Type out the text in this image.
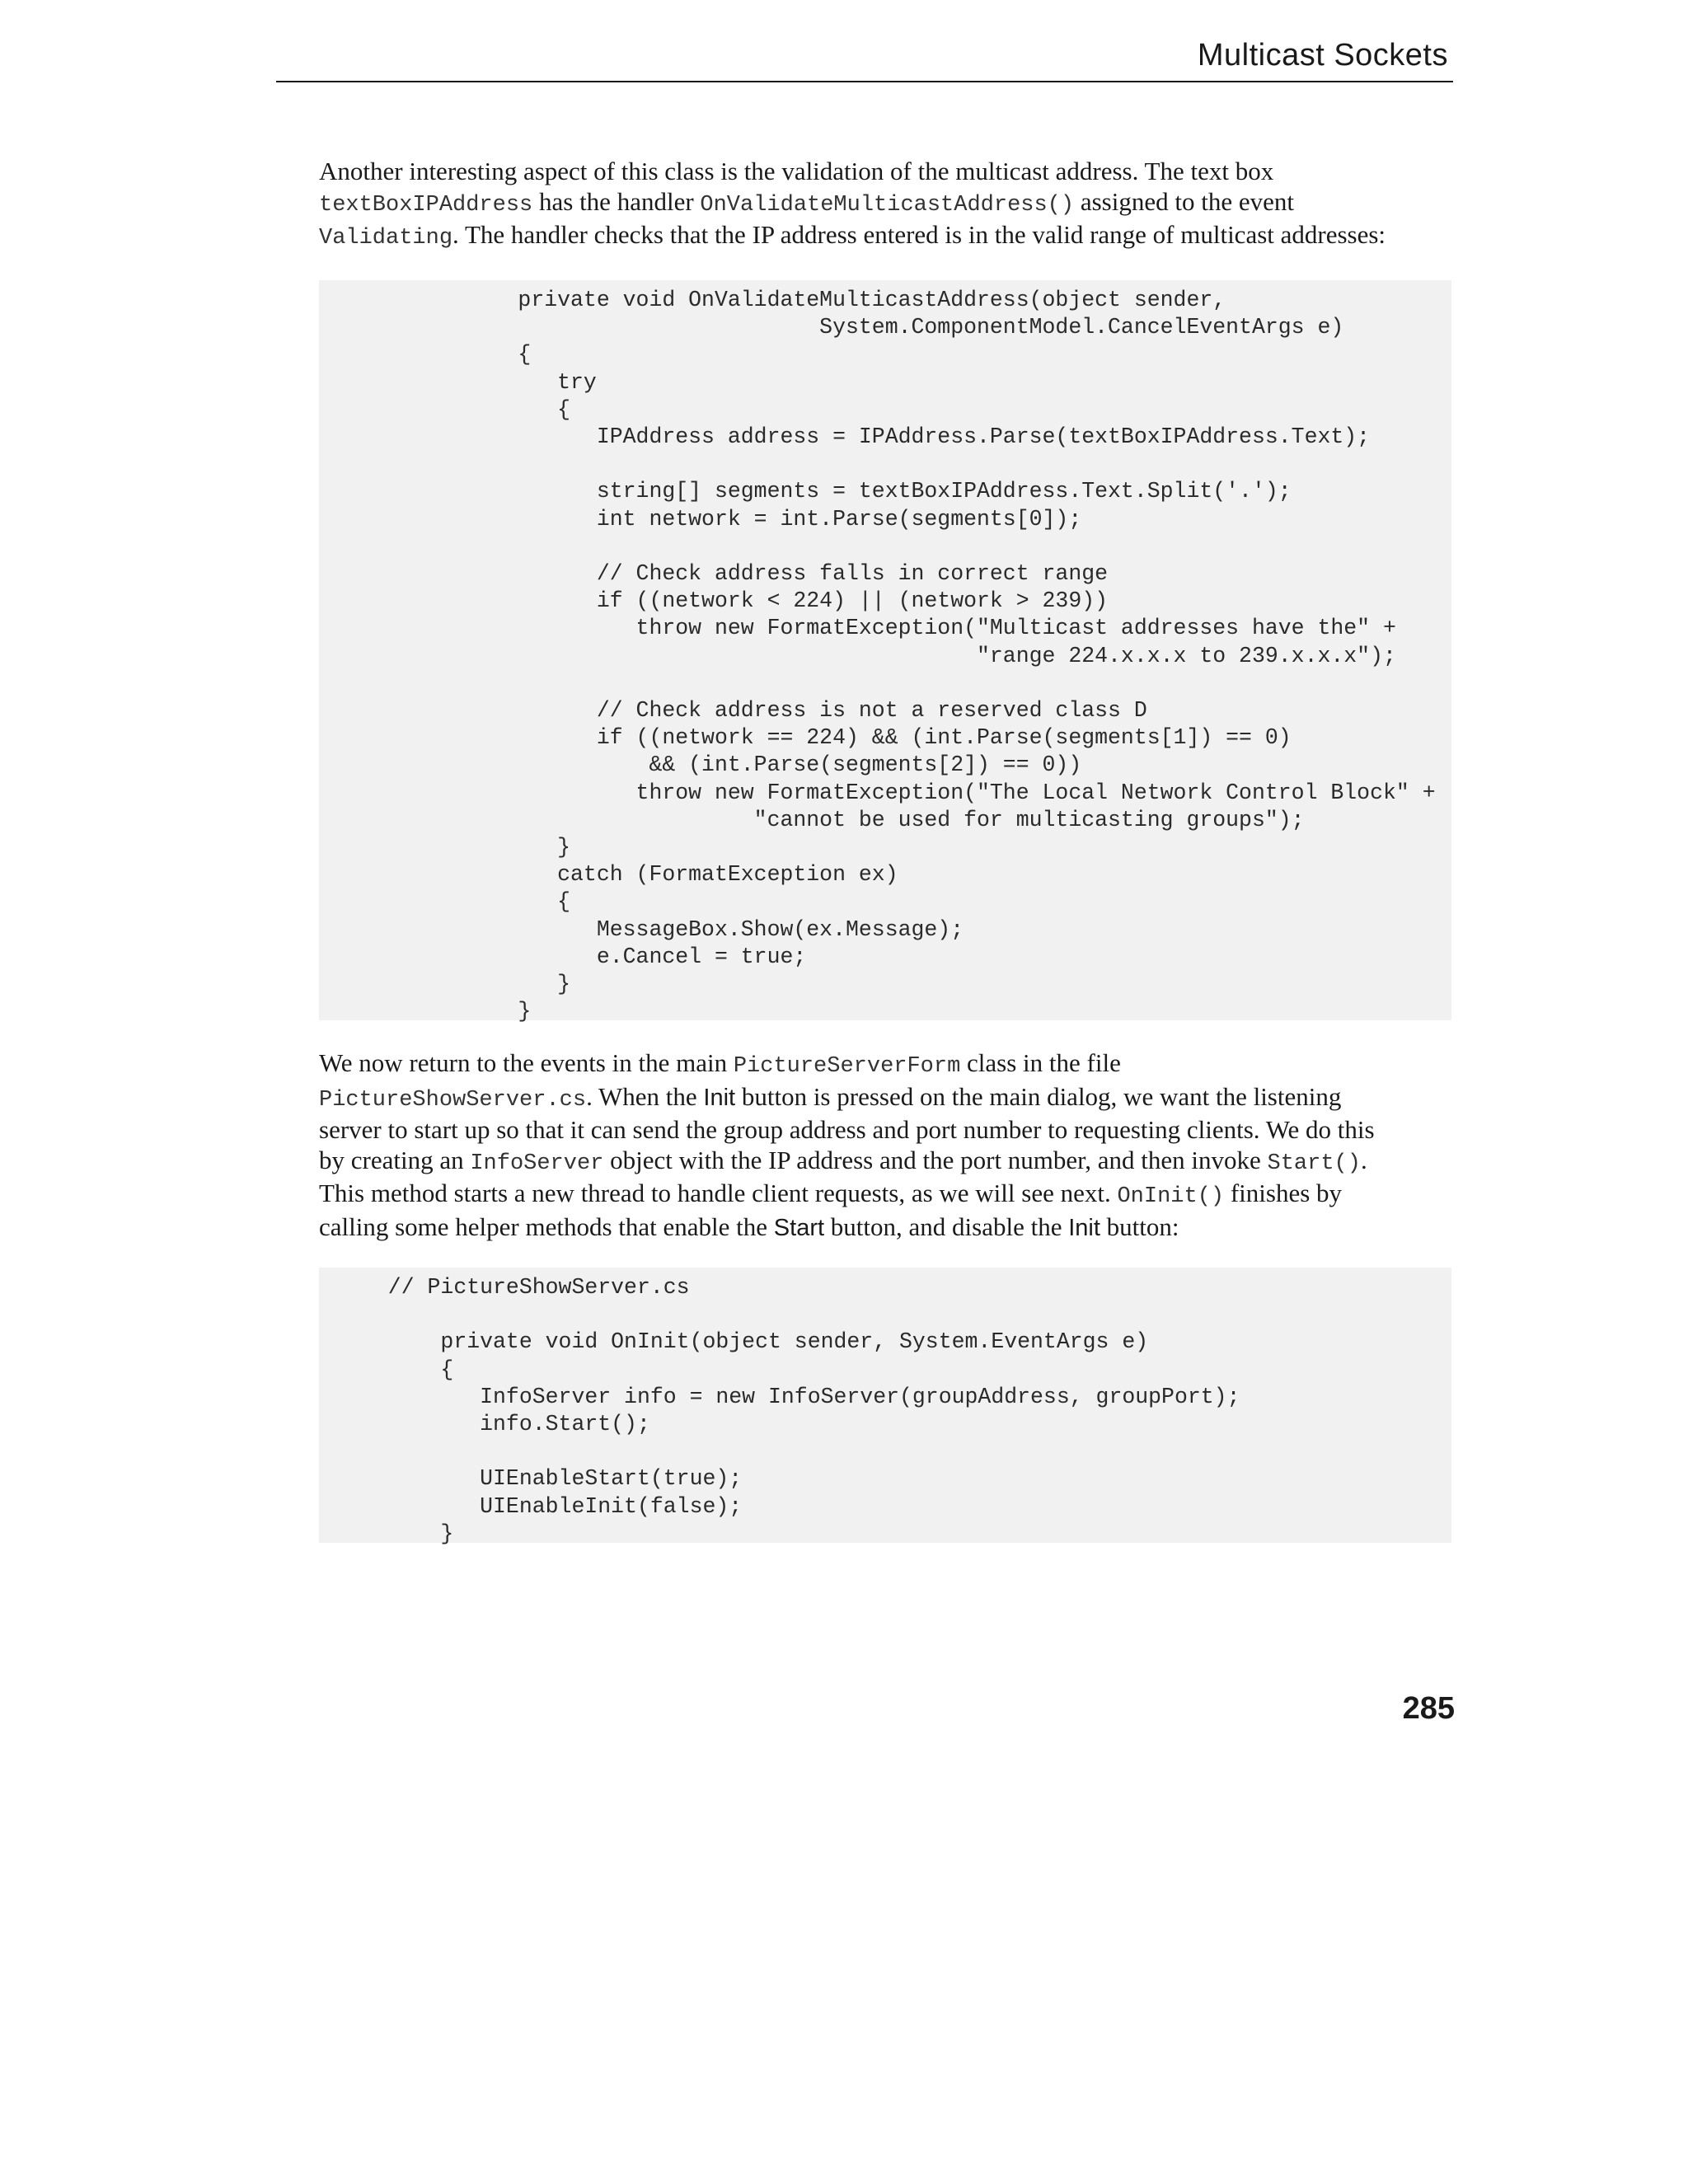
Multicast Sockets
Another interesting aspect of this class is the validation of the multicast address. The text box
textBoxIPAddress has the handler OnValidateMulticastAddress() assigned to the event
Validating. The handler checks that the IP address entered is in the valid range of multicast addresses:
private void OnValidateMulticastAddress(object sender,
System.ComponentModel.CancelEventArgs e)
{
try
{
IPAddress address = IPAddress.Parse(textBoxIPAddress.Text);

string[] segments = textBoxIPAddress.Text.Split('.');
int network = int.Parse(segments[0]);

// Check address falls in correct range
if ((network < 224) || (network > 239))
throw new FormatException("Multicast addresses have the" +
"range 224.x.x.x to 239.x.x.x");

// Check address is not a reserved class D
if ((network == 224) && (int.Parse(segments[1]) == 0)
&& (int.Parse(segments[2]) == 0))
throw new FormatException("The Local Network Control Block" +
"cannot be used for multicasting groups");
}
catch (FormatException ex)
{
MessageBox.Show(ex.Message);
e.Cancel = true;
}
}
We now return to the events in the main PictureServerForm class in the file
PictureShowServer.cs. When the Init button is pressed on the main dialog, we want the listening
server to start up so that it can send the group address and port number to requesting clients. We do this
by creating an InfoServer object with the IP address and the port number, and then invoke Start().
This method starts a new thread to handle client requests, as we will see next. OnInit() finishes by
calling some helper methods that enable the Start button, and disable the Init button:
// PictureShowServer.cs

private void OnInit(object sender, System.EventArgs e)
{
InfoServer info = new InfoServer(groupAddress, groupPort);
info.Start();

UIEnableStart(true);
UIEnableInit(false);
}
285
